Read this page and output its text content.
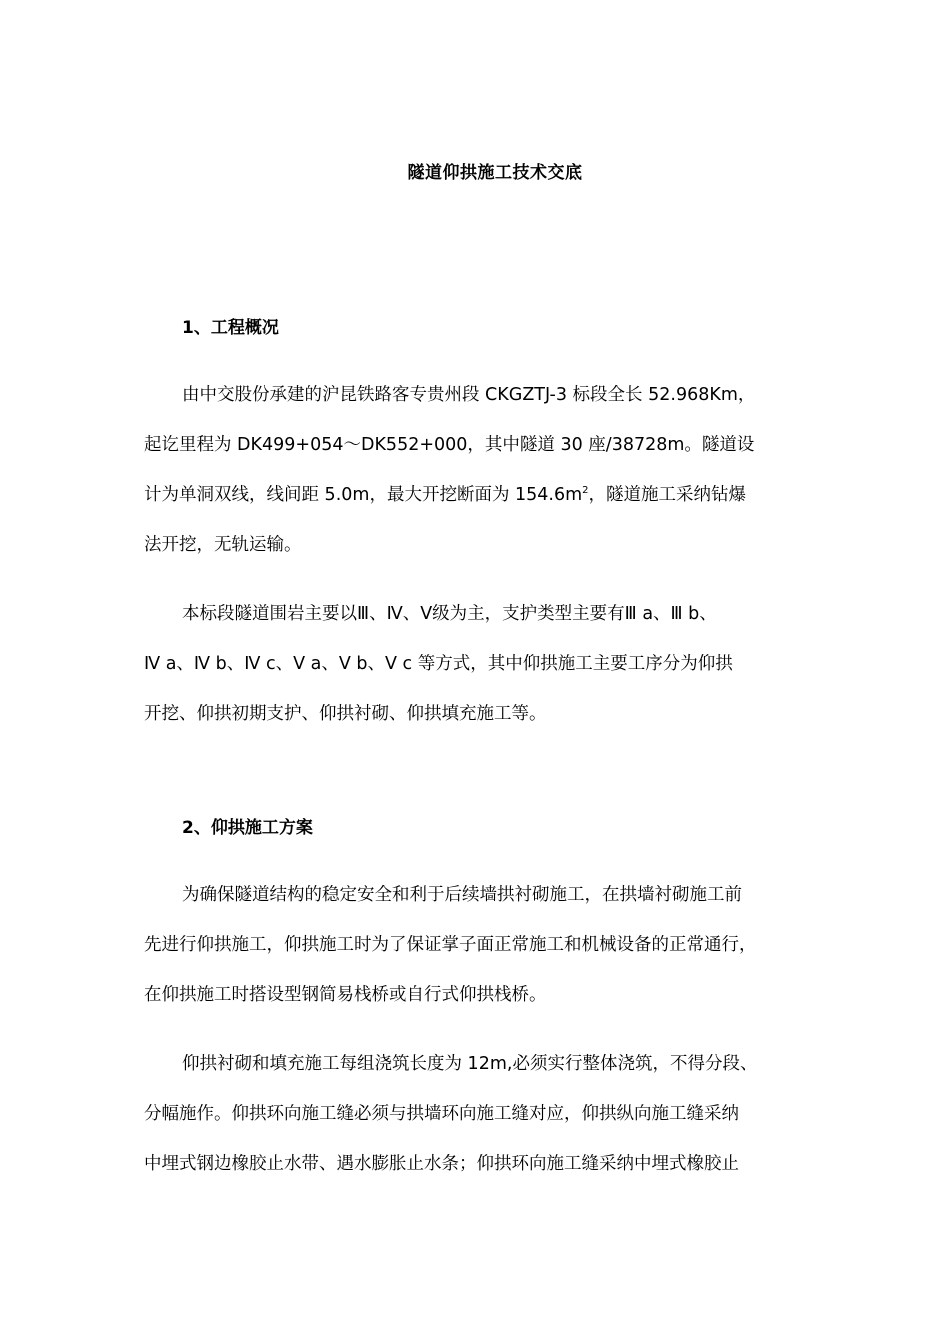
隧道仰拱施工技术交底
1、工程概况

由中交股份承建的沪昆铁路客专贵州段 CKGZTJ-3 标段全长 52.968Km，
起讫里程为 DK499+054～DK552+000，其中隧道 30 座/38728m。隧道设
计为单洞双线，线间距 5.0m，最大开挖断面为 $154.6m^2$，隧道施工采纳钻爆
法开挖，无轨运输。

本标段隧道围岩主要以Ⅲ、Ⅳ、Ⅴ级为主，支护类型主要有Ⅲ a、Ⅲ b、
Ⅳ a、Ⅳ b、Ⅳ c、Ⅴ a、Ⅴ b、Ⅴ c 等方式，其中仰拱施工主要工序分为仰拱
开挖、仰拱初期支护、仰拱衬砌、仰拱填充施工等。

2、仰拱施工方案

为确保隧道结构的稳定安全和利于后续墙拱衬砌施工，在拱墙衬砌施工前
先进行仰拱施工，仰拱施工时为了保证掌子面正常施工和机械设备的正常通行，
在仰拱施工时搭设型钢简易栈桥或自行式仰拱栈桥。

仰拱衬砌和填充施工每组浇筑长度为 12m,必须实行整体浇筑，不得分段、
分幅施作。仰拱环向施工缝必须与拱墙环向施工缝对应，仰拱纵向施工缝采纳
中埋式钢边橡胶止水带、遇水膨胀止水条；仰拱环向施工缝采纳中埋式橡胶止
